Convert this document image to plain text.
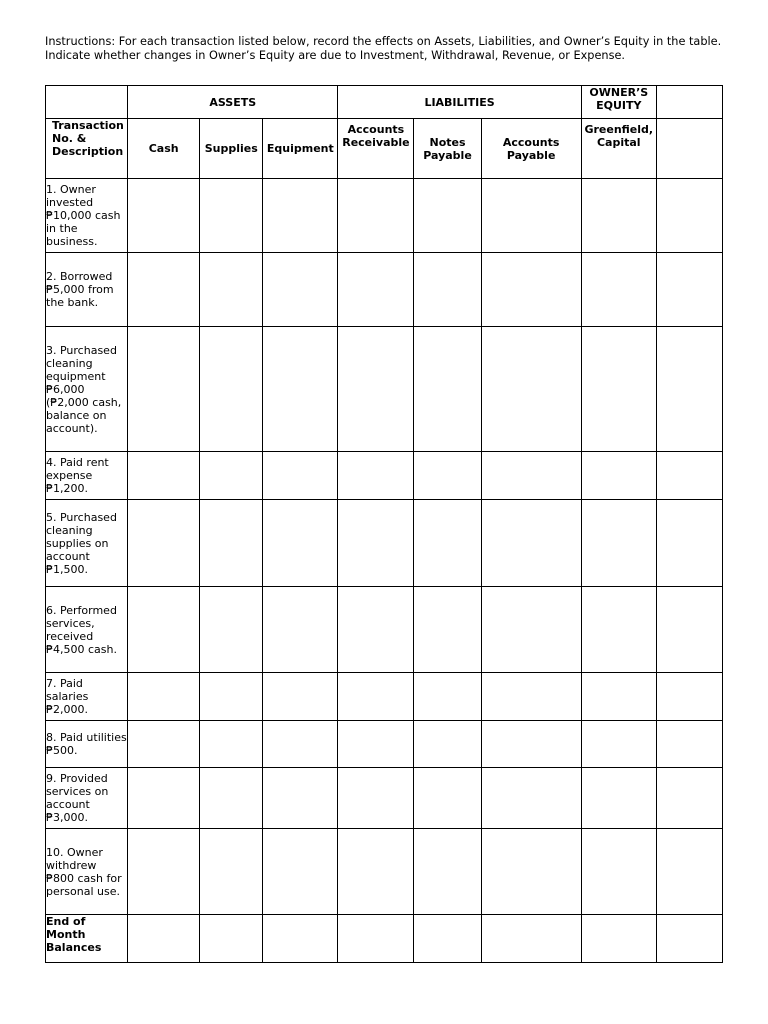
Instructions: For each transaction listed below, record the effects on Assets, Liabilities, and Owner’s Equity in the table. Indicate whether changes in Owner’s Equity are due to Investment, Withdrawal, Revenue, or Expense.
	ASSETS			LIABILITIES			OWNER’S EQUITY	
Transaction No. & Description	Cash	Supplies	Equipment	Accounts Receivable	Notes Payable	Accounts Payable	Greenfield, Capital	
1. Owner invested ₱10,000 cash in the business.								
2. Borrowed ₱5,000 from the bank.								
3. Purchased cleaning equipment ₱6,000 (₱2,000 cash, balance on account).								
4. Paid rent expense ₱1,200.								
5. Purchased cleaning supplies on account ₱1,500.								
6. Performed services, received ₱4,500 cash.								
7. Paid salaries ₱2,000.								
8. Paid utilities ₱500.								
9. Provided services on account ₱3,000.								
10. Owner withdrew ₱800 cash for personal use.								
End of Month Balances								
